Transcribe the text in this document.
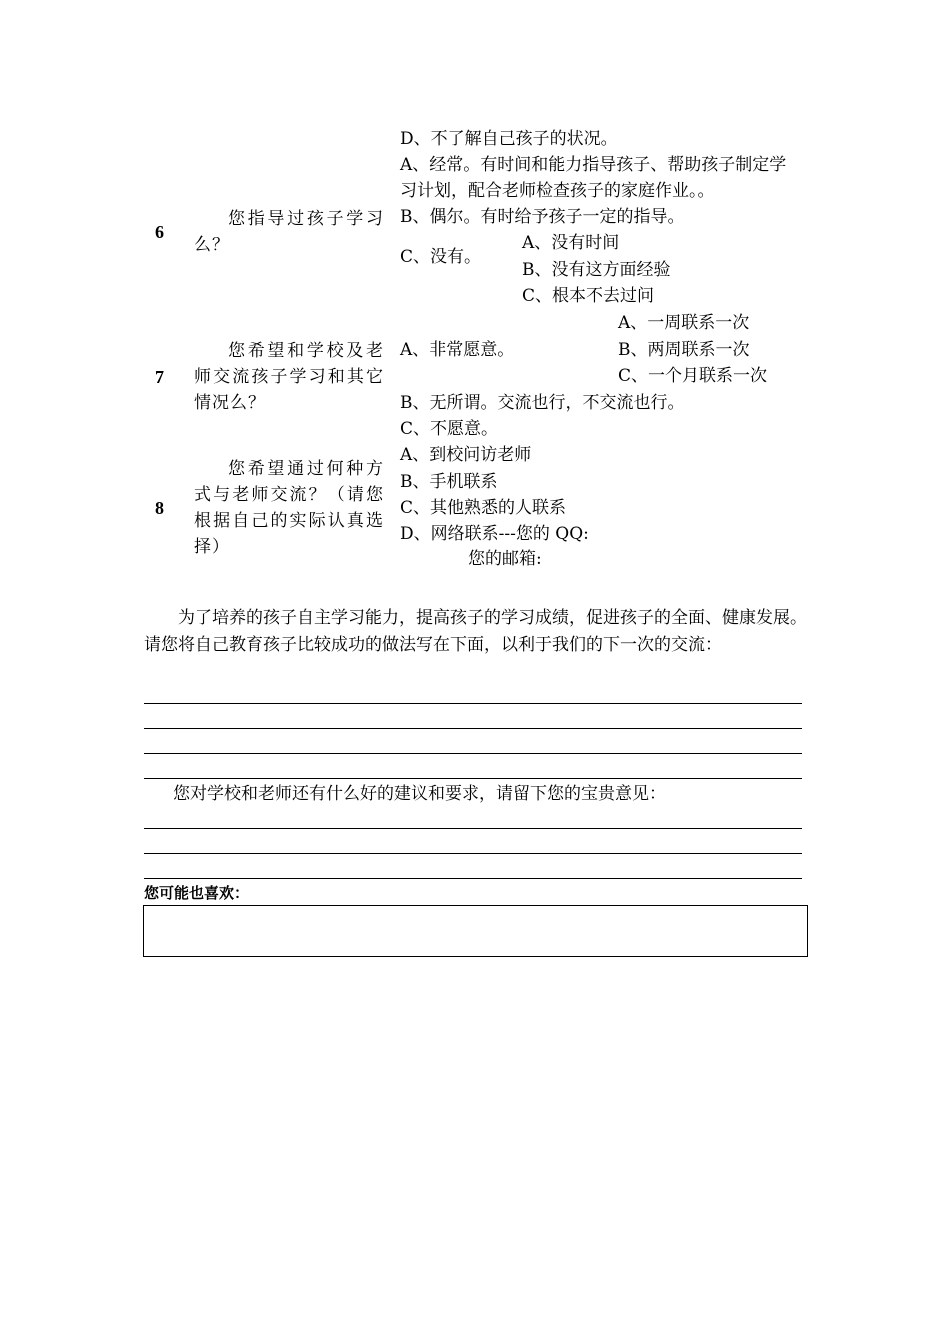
D、不了解自己孩子的状况。
A、经常。有时间和能力指导孩子、帮助孩子制定学
习计划，配合老师检查孩子的家庭作业。。
6
您指导过孩子学习么？
B、偶尔。有时给予孩子一定的指导。
C、没有。
A、没有时间
B、没有这方面经验
C、根本不去过问
A、一周联系一次
A、非常愿意。	B、两周联系一次
C、一个月联系一次
您希望和学校及老师交流孩子学习和其它情况么？
7
B、无所谓。交流也行，不交流也行。
C、不愿意。
A、到校问访老师
您希望通过何种方式与老师交流？（请您根据自己的实际认真选择）
B、手机联系
8	C、其他熟悉的人联系
D、网络联系---您的 QQ:
您的邮箱:
为了培养的孩子自主学习能力，提高孩子的学习成绩，促进孩子的全面、健康发展。请您将自己教育孩子比较成功的做法写在下面，以利于我们的下一次的交流：
您对学校和老师还有什么好的建议和要求，请留下您的宝贵意见：
您可能也喜欢：
